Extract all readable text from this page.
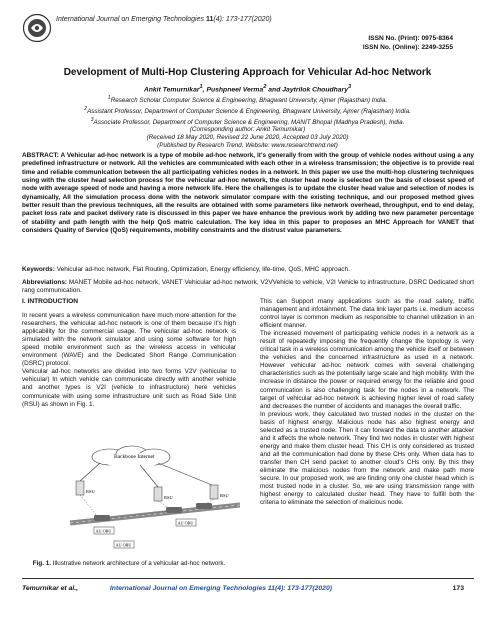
International Journal on Emerging Technologies 11(4): 173-177(2020)
ISSN No. (Print): 0975-8364
ISSN No. (Online): 2249-3255
Development of Multi-Hop Clustering Approach for Vehicular Ad-hoc Network
Ankit Temurnikar$^1$, Pushpneel Verma$^2$ and Jaytrilok Choudhary$^3$
$^1$Research Scholar Computer Science & Engineering, Bhagwant University, Ajmer (Rajasthan) India.
$^2$Assistant Professor, Department of Computer Science & Engineering, Bhagwant University, Ajmer (Rajasthan) India.
$^3$Associate Professor, Department of Computer Science & Engineering, MANIT Bhopal (Madhya Pradesh), India.
(Corresponding author: Ankit Temurnikar)
(Received 18 May 2020, Revised 22 June 2020, Accepted 03 July 2020)
(Published by Research Trend, Website: www.researchtrend.net)
ABSTRACT: A Vehicular ad-hoc network is a type of mobile ad-hoc network, it's generally from with the group of vehicle nodes without using a any predefined infrastructure or network. All the vehicles are communicated with each other in a wireless transmission; the objective is to provide real time and reliable communication between the all participating vehicles nodes in a network. In this paper we use the multi-hop clustering techniques using with the cluster head selection process for the vehicular ad-hoc network, the cluster head node is selected on the basis of closest speed of node with average speed of node and having a more network life. Here the challenges is to update the cluster head value and selection of nodes is dynamically, All the simulation process done with the network simulator compare with the existing technique, and our proposed method gives better result than the previous techniques, all the results are obtained with some parameters like network overhead, throughput, end to end delay, packet loss rate and packet delivery rate is discussed in this paper we have enhance the previous work by adding two new parameter percentage of stability and path length with the help QoS matric calculation. The key idea in this paper to proposes an MHC Approach for VANET that considers Quality of Service (QoS) requirements, mobility constraints and the distrust value parameters.
Keywords: Vehicular ad-hoc network, Flat Routing, Optimization, Energy efficiency, life-time, QoS, MHC approach.
Abbreviations: MANET Mobile ad-hoc network, VANET Vehicular ad-hoc network, V2VVehicle to vehicle, V2I Vehicle to infrastructure, DSRC Dedicated short rang communication.

I. INTRODUCTION

In recent years a wireless communication have much more attention for the researchers, the vehicular ad-hoc network is one of them because it's high applicability for the commercial usage. The vehicular ad-hoc network is simulated with the network simulator and using some software for high speed mobile environment such as the wireless access in vehicular environment (WAVE) and the Dedicated Short Range Communication (DSRC) protocol.

Vehicular ad-hoc networks are divided into two forms V2V (vehicular to vehicular) In which vehicle can communicate directly with another vehicle and another types is V2I (vehicle to infrastructure) here vehicles communicate with using some infrastructure unit such as Road Side Unit (RSU) as shown in Fig. 1.

Backbone Internet
RSU
RSU	RSU
AU OBU
AU OBU
AU OBU
Fig. 1. Illustrative network architecture of a vehicular ad-hoc network.

This can Support many applications such as the road safety, traffic management and infotainment. The data link layer parts i.e. medium access control layer is common medium as responsible to channel utilization in an efficient manner.

The increased movement of participating vehicle nodes in a network as a result of repeatedly imposing the frequently change the topology is very critical task in a wireless communication among the vehicle itself or between the vehicles and the concerned infrastructure as used in a network. However vehicular ad-hoc network comes with several challenging characteristics such as the potentially large scale and high mobility. With the increase in distance the power or required energy for the reliable and good communication is also challenging task for the nodes in a network. The target of vehicular ad-hoc network is achieving higher level of road safety and decreases the number of accidents and manages the overall traffic.

In previous work, they calculated two trusted nodes in the cluster on the basis of highest energy. Malicious node has also highest energy and selected as a trusted node. Then it can forward the data to another attacker and it affects the whole network. They find two nodes in cluster with highest energy and make them cluster head. This CH is only considered as trusted and all the communication had done by these CHs only. When data has to transfer then CH send packet to another cloud's CHs only. By this they eliminate the malicious nodes from the network and make path more secure. In our proposed work, we are finding only one cluster head which is most trusted node in a cluster. So, we are using transmission range with highest energy to calculated cluster head. They have to fulfill both the criteria to eliminate the selection of malicious node.

Temurnikar et al.,	International Journal on Emerging Technologies 11(4): 173-177(2020)	173
